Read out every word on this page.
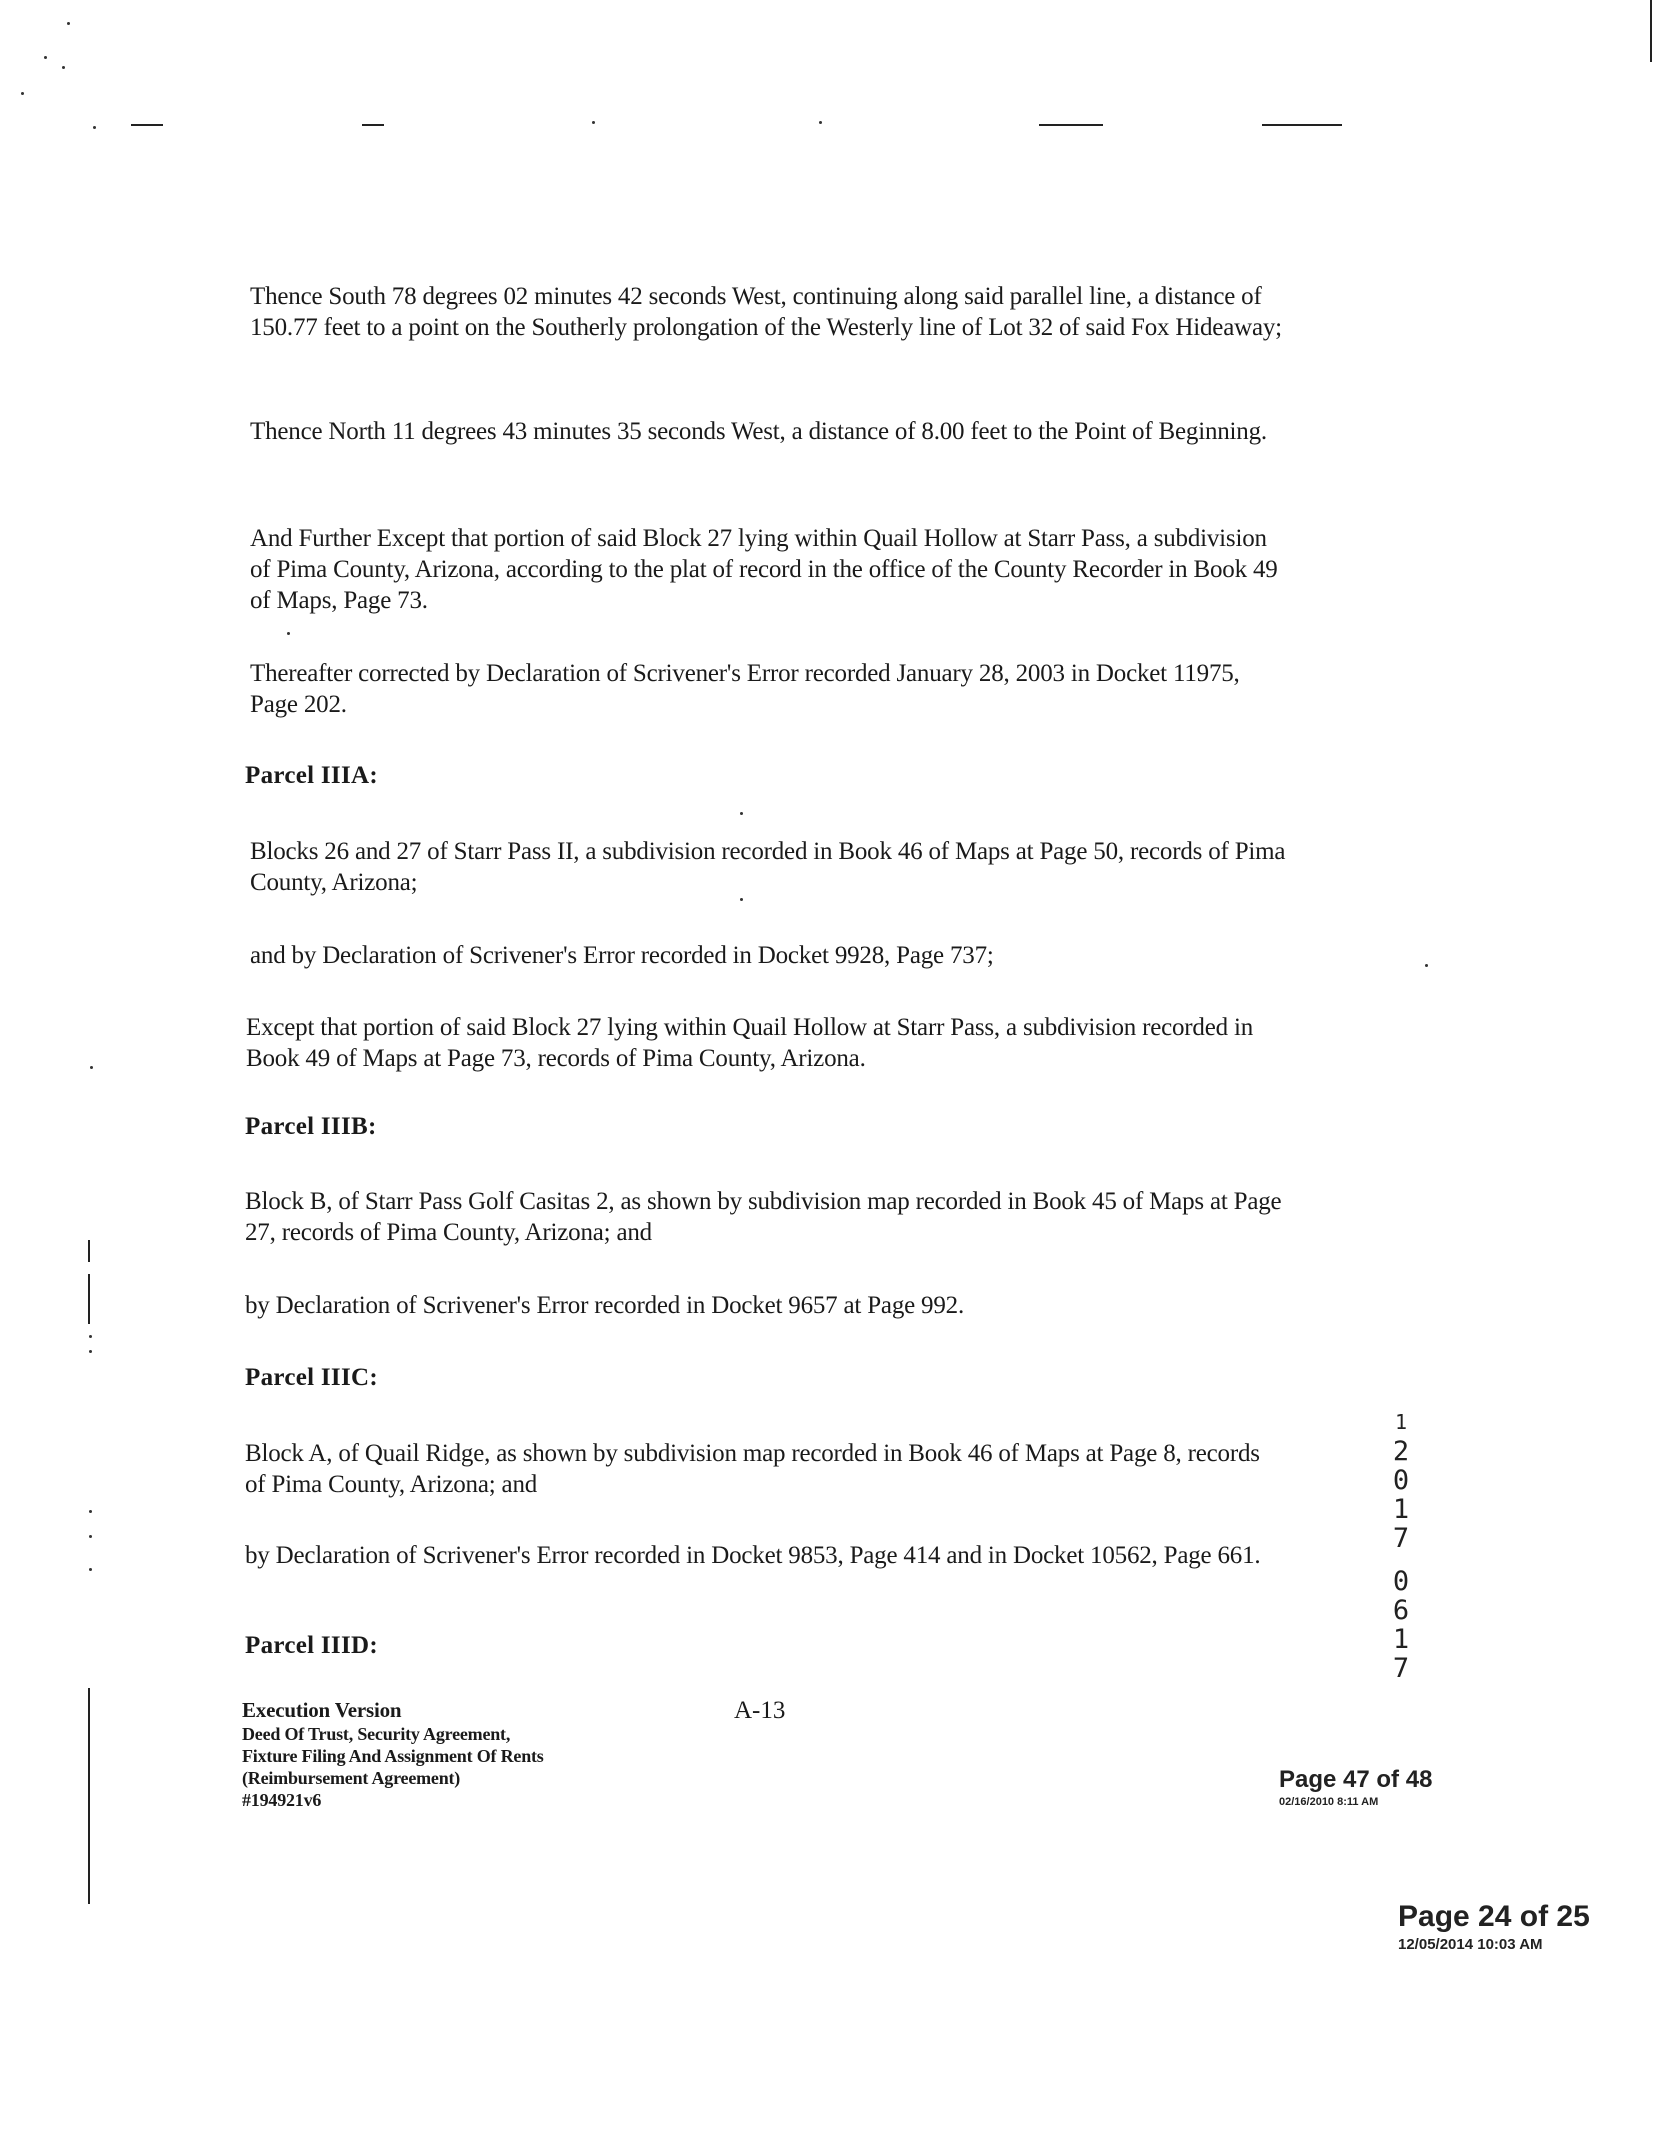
Thence South 78 degrees 02 minutes 42 seconds West, continuing along said parallel line, a distance of 150.77 feet to a point on the Southerly prolongation of the Westerly line of Lot 32 of said Fox Hideaway;
Thence North 11 degrees 43 minutes 35 seconds West, a distance of 8.00 feet to the Point of Beginning.
And Further Except that portion of said Block 27 lying within Quail Hollow at Starr Pass, a subdivision of Pima County, Arizona, according to the plat of record in the office of the County Recorder in Book 49 of Maps, Page 73.
Thereafter corrected by Declaration of Scrivener's Error recorded January 28, 2003 in Docket 11975, Page 202.
Parcel IIIA:
Blocks 26 and 27 of Starr Pass II, a subdivision recorded in Book 46 of Maps at Page 50, records of Pima County, Arizona;
and by Declaration of Scrivener's Error recorded in Docket 9928, Page 737;
Except that portion of said Block 27 lying within Quail Hollow at Starr Pass, a subdivision recorded in Book 49 of Maps at Page 73, records of Pima County, Arizona.
Parcel IIIB:
Block B, of Starr Pass Golf Casitas 2, as shown by subdivision map recorded in Book 45 of Maps at Page 27, records of Pima County, Arizona; and
by Declaration of Scrivener's Error recorded in Docket 9657 at Page 992.
Parcel IIIC:
Block A, of Quail Ridge, as shown by subdivision map recorded in Book 46 of Maps at Page 8, records of Pima County, Arizona; and
by Declaration of Scrivener's Error recorded in Docket 9853, Page 414 and in Docket 10562, Page 661.
Parcel IIID:
Execution Version
Deed Of Trust, Security Agreement,
Fixture Filing And Assignment Of Rents
(Reimbursement Agreement)
#194921v6
A-13
1
2
0
1
7
0
6
1
7
Page 47 of 48
02/16/2010 8:11 AM
Page 24 of 25
12/05/2014 10:03 AM
